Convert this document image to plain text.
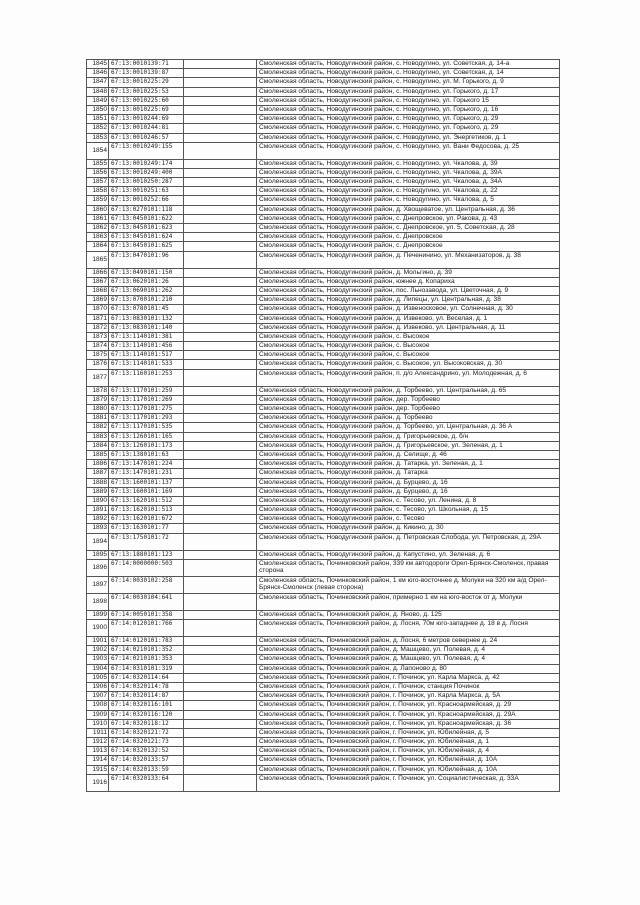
1845	67:13:0010139:71		Смоленская область, Новодугинский район, с. Новодугино, ул. Советская, д. 14-а
1846	67:13:0010139:87		Смоленская область, Новодугинский район, с. Новодугино, ул. Советская, д. 14
1847	67:13:0010225:29		Смоленская область, Новодугинский район, с. Новодугино, ул. М. Горького, д. 9
1848	67:13:0010225:53		Смоленская область, Новодугинский район, с. Новодугино, ул. Горького, д. 17
1849	67:13:0010225:60		Смоленская область, Новодугинский район, с. Новодугино, ул. Горького 15
1850	67:13:0010225:69		Смоленская область, Новодугинский район, с. Новодугино, ул. Горького, д. 16
1851	67:13:0010244:69		Смоленская область, Новодугинский район, с. Новодугино, ул. Горького, д. 29
1852	67:13:0010244:81		Смоленская область, Новодугинский район, с. Новодугино, ул. Горького, д. 29
1853	67:13:0010246:57		Смоленская область, Новодугинский район, с. Новодугино, ул. Энергетиков, д. 1
1854	67:13:0010249:155		Смоленская область, Новодугинский район, с. Новодугино, ул. Вани Федосова, д. 25
1855	67:13:0010249:174		Смоленская область, Новодугинский район, с. Новодугино, ул. Чкалова, д. 39
1856	67:13:0010249:400		Смоленская область, Новодугинский район, с. Новодугино, ул. Чкалова, д. 39А
1857	67:13:0010250:287		Смоленская область, Новодугинский район, с. Новодугино, ул. Чкалова, д. 34А
1858	67:13:0010251:63		Смоленская область, Новодугинский район, с. Новодугино, ул. Чкалова, д. 22
1859	67:13:0010252:66		Смоленская область, Новодугинский район, с. Новодугино, ул. Чкалова, д. 5
1860	67:13:0270101:118		Смоленская область, Новодугинский район, д. Хвощеватое, ул. Центральная, д. 36
1861	67:13:0450101:622		Смоленская область, Новодугинский район, с. Днепровское, ул. Ракова, д. 43
1862	67:13:0450101:623		Смоленская область, Новодугинский район, с. Днепровское, ул. 5, Советская, д. 28
1863	67:13:0450101:624		Смоленская область, Новодугинский район, с. Днепровское
1864	67:13:0450101:625		Смоленская область, Новодугинский район, с. Днепровское
1865	67:13:0470101:96		Смоленская область, Новодугинский район, д. Печенинино, ул. Механизаторов, д. 38
1866	67:13:0490101:150		Смоленская область, Новодугинский район, д. Мольгино, д. 39
1867	67:13:0620101:26		Смоленская область, Новодугинский район, южнее д. Копариха
1868	67:13:0690101:262		Смоленская область, Новодугинский район, пос. Льнозавода, ул. Цветочная, д. 9
1869	67:13:0700101:210		Смоленская область, Новодугинский район, д. Липецы, ул. Центральная, д. 38
1870	67:13:0780101:45		Смоленская область, Новодугинский район, д. Извеносковое, ул. Солнечная, д. 30
1871	67:13:0830101:132		Смоленская область, Новодугинский район, д. Извеково, ул. Веселая, д. 1
1872	67:13:0830101:140		Смоленская область, Новодугинский район, д. Извеково, ул. Центральная, д. 11
1873	67:13:1140101:381		Смоленская область, Новодугинский район, с. Высокое
1874	67:13:1140101:456		Смоленская область, Новодугинский район, с. Высокое
1875	67:13:1140101:517		Смоленская область, Новодугинский район, с. Высокое
1876	67:13:1140101:533		Смоленская область, Новодугинский район, с. Высокое, ул. Высоковская, д. 30
1877	67:13:1160101:253		Смоленская область, Новодугинский район, п. д/о Александрино, ул. Молодежная, д. 6
1878	67:13:1170101:259		Смоленская область, Новодугинский район, д. Торбеево, ул. Центральная, д. 65
1879	67:13:1170101:269		Смоленская область, Новодугинский район, дер. Торбеево
1880	67:13:1170101:275		Смоленская область, Новодугинский район, дер. Торбеево
1881	67:13:1170101:293		Смоленская область, Новодугинский район, д. Торбеево
1882	67:13:1170101:535		Смоленская область, Новодугинский район, д. Торбеево, ул. Центральная, д. 36 А
1883	67:13:1260101:165		Смоленская область, Новодугинский район, д. Григорьевское, д. б/н
1884	67:13:1260101:173		Смоленская область, Новодугинский район, д. Григорьевское, ул. Зеленая, д. 1
1885	67:13:1380101:63		Смоленская область, Новодугинский район, д. Селище, д. 46
1886	67:13:1470101:224		Смоленская область, Новодугинский район, д. Татарка, ул. Зеленая, д. 1
1887	67:13:1470101:231		Смоленская область, Новодугинский район, д. Татарка
1888	67:13:1600101:137		Смоленская область, Новодугинский район, д. Бурцево, д. 16
1889	67:13:1600101:169		Смоленская область, Новодугинский район, д. Бурцево, д. 16
1890	67:13:1620101:512		Смоленская область, Новодугинский район, с. Тесово, ул. Ленина, д. 8
1891	67:13:1620101:513		Смоленская область, Новодугинский район, с. Тесово, ул. Школьная, д. 15
1892	67:13:1620101:672		Смоленская область, Новодугинский район, с. Тесово
1893	67:13:1630101:77		Смоленская область, Новодугинский район, д. Кикино, д. 30
1894	67:13:1750101:72		Смоленская область, Новодугинский район, д. Петровская Слобода, ул. Петровская, д. 29А
1895	67:13:1880101:123		Смоленская область, Новодугинский район, д. Капустино, ул. Зеленая, д. 6
1896	67:14:0000000:503		Смоленская область, Починковский район, 339 км автодороги Орел-Брянск-Смоленск, правая сторона
1897	67:14:0030102:258		Смоленская область, Починковский район, 1 км юго-восточнее д. Молуки на 320 км а/д Орел-Брянск-Смоленск (левая сторона)
1898	67:14:0030104:641		Смоленская область, Починковский район, примерно 1 км на юго-восток от д. Молуки
1899	67:14:0050101:358		Смоленская область, Починковский район, д. Яново, д. 125
1900	67:14:0120101:766		Смоленская область, Починковский район, д. Лосня, 70м юго-западнее д. 18 в д. Лосня
1901	67:14:0120101:783		Смоленская область, Починковский район, д. Лосня, 6 метров севернее д. 24
1902	67:14:0210101:352		Смоленская область, Починковский район, д. Машцево, ул. Полевая, д. 4
1903	67:14:0210101:353		Смоленская область, Починковский район, д. Машцево, ул. Полевая, д. 4
1904	67:14:0310101:319		Смоленская область, Починковский район, д. Лапоново д. 80
1905	67:14:0320114:64		Смоленская область, Починковский район, г. Починок, ул. Карла Маркса, д. 42
1906	67:14:0320114:78		Смоленская область, Починковский район, г. Починок, станция Починок
1907	67:14:0320114:87		Смоленская область, Починковский район, г. Починок, ул. Карла Маркса, д. 5А
1908	67:14:0320116:101		Смоленская область, Починковский район, г. Починок, ул. Красноармейская, д. 29
1909	67:14:0320116:120		Смоленская область, Починковский район, г. Починок, ул. Красноармейская, д. 29А
1910	67:14:0320118:12		Смоленская область, Починковский район, г. Починок, ул. Красноармейская, д. 36
1911	67:14:0320121:72		Смоленская область, Починковский район, г. Починок, ул. Юбилейная, д. 5
1912	67:14:0320121:73		Смоленская область, Починковский район, г. Починок, ул. Юбилейная, д. 1
1913	67:14:0320132:52		Смоленская область, Починковский район, г. Починок, ул. Юбилейная, д. 4
1914	67:14:0320133:57		Смоленская область, Починковский район, г. Починок, ул. Юбилейная, д. 10А
1915	67:14:0320133:59		Смоленская область, Починковский район, г. Починок, ул. Юбилейная, д. 10А
1916	67:14:0320133:64		Смоленская область, Починковский район, г. Починок, ул. Социалистическая, д. 33А
